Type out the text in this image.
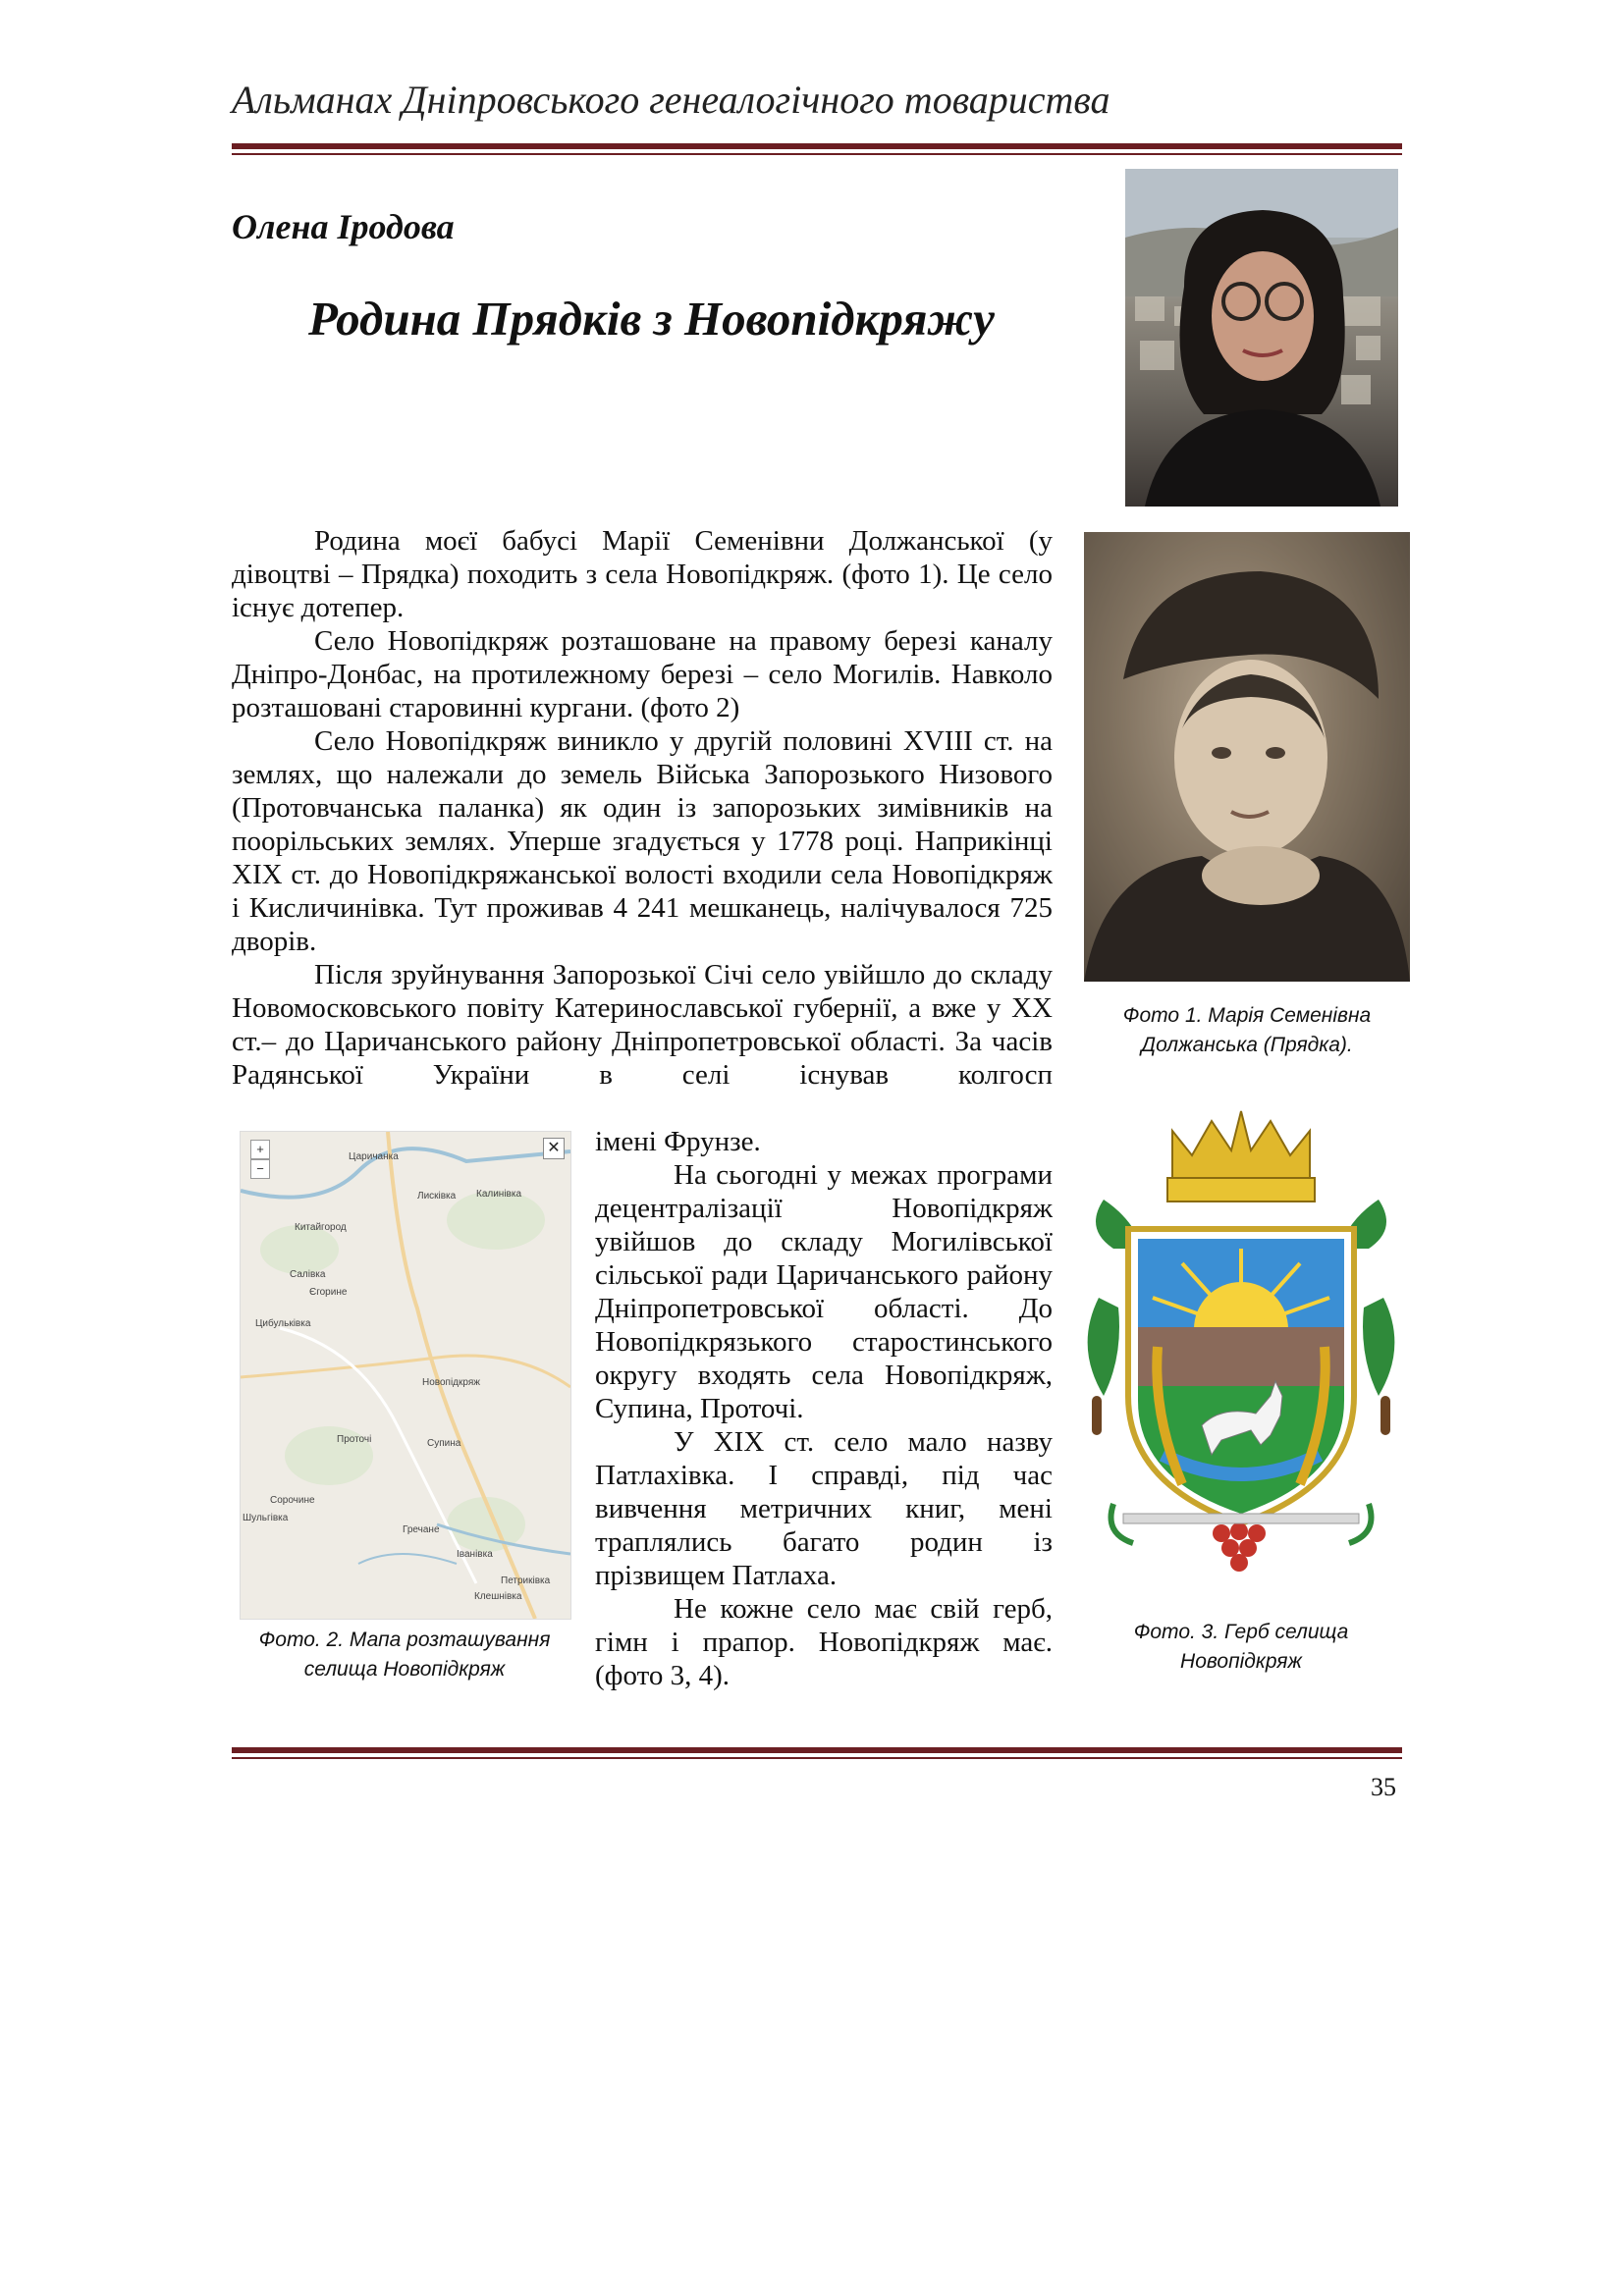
Альманах Дніпровського генеалогічного товариства
Олена Іродова
Родина Прядків з Новопідкряжу
Фото 1. Марія Семенівна Должанська (Прядка).

Родина моєї бабусі Марії Семенівни Должанської (у дівоцтві – Прядка) походить з села Новопідкряж. (фото 1). Це село існує дотепер.

Село Новопідкряж розташоване на правому березі каналу Дніпро-Донбас, на протилежному березі – село Могилів. Навколо розташовані старовинні кургани. (фото 2)

Село Новопідкряж виникло у другій половині XVIII ст. на землях, що належали до земель Війська Запорозького Низового (Протовчанська паланка) як один із запорозьких зимівників на поорільських землях. Уперше згадується у 1778 році. Наприкінці XIX ст. до Новопідкряжанської волості входили села Новопідкряж і Кисличинівка. Тут проживав 4 241 мешканець, налічувалося 725 дворів.

Після зруйнування Запорозької Січі село увійшло до складу Новомосковського повіту Катеринославської губернії, а вже у XX ст.– до Царичанського району Дніпропетровської області. За часів Радянської України в селі існував колгосп

+
−
✕
Царичанка
Лисківка Калинівка
Китайгород
Салівка
Єгорине
Цибульківка
Новопідкряж
Проточі	Супина
Сорочине
Шульгівка
Гречане
Іванівка
Петриківка
Клешнівка
Фото. 2. Мапа розташування селища Новопідкряж

імені Фрунзе.

На сьогодні у межах програми децентралізації Новопідкряж увійшов до складу Могилівської сільської ради Царичанського району Дніпропетровської області. До Новопідкрязького старостинського округу входять села Новопідкряж, Супина, Проточі.

У XIX ст. село мало назву Патлахівка. І справді, під час вивчення метричних книг, мені траплялись багато родин із прізвищем Патлаха.

Не кожне село має свій герб, гімн і прапор. Новопідкряж має. (фото 3, 4).

Фото. 3. Герб селища Новопідкряж
35
